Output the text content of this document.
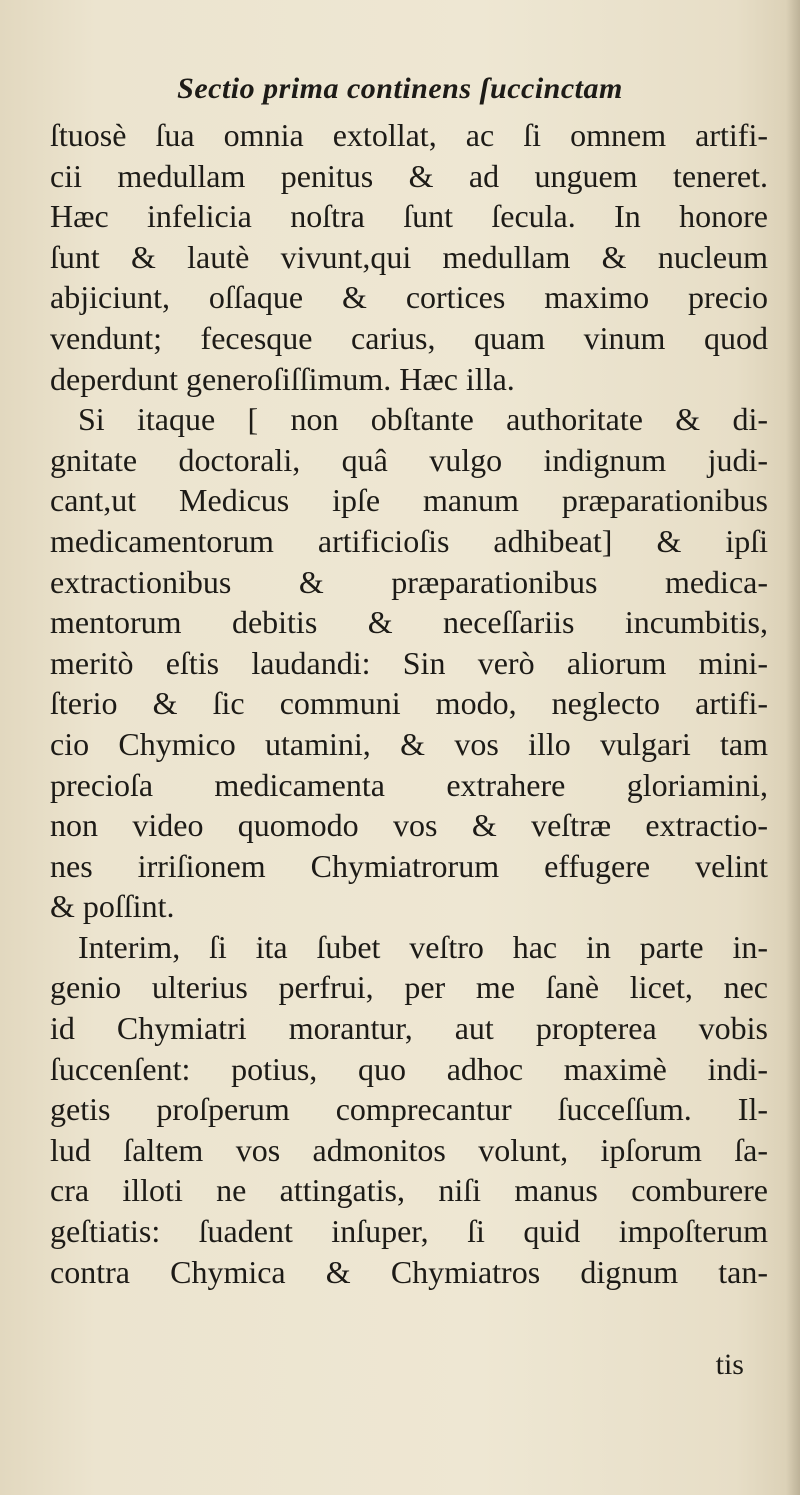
Sectio prima continens ſuccinctam
ſtuosè ſua omnia extollat, ac ſi omnem artifi-
cii medullam penitus & ad unguem teneret.
Hæc infelicia noſtra ſunt ſecula. In honore
ſunt & lautè vivunt,qui medullam & nucleum
abjiciunt, oſſaque & cortices maximo precio
vendunt; fecesque carius, quam vinum quod
deperdunt generoſiſſimum. Hæc illa.
Si itaque [ non obſtante authoritate & di-
gnitate doctorali, quâ vulgo indignum judi-
cant,ut Medicus ipſe manum præparationibus
medicamentorum artificioſis adhibeat] & ipſi
extractionibus & præparationibus medica-
mentorum debitis & neceſſariis incumbitis,
meritò eſtis laudandi: Sin verò aliorum mini-
ſterio & ſic communi modo, neglecto artifi-
cio Chymico utamini, & vos illo vulgari tam
precioſa medicamenta extrahere gloriamini,
non video quomodo vos & veſtræ extractio-
nes irriſionem Chymiatrorum effugere velint
& poſſint.
Interim, ſi ita ſubet veſtro hac in parte in-
genio ulterius perfrui, per me ſanè licet, nec
id Chymiatri morantur, aut propterea vobis
ſuccenſent: potius, quo adhoc maximè indi-
getis proſperum comprecantur ſucceſſum. Il-
lud ſaltem vos admonitos volunt, ipſorum ſa-
cra illoti ne attingatis, niſi manus comburere
geſtiatis: ſuadent inſuper, ſi quid impoſterum
contra Chymica & Chymiatros dignum tan-
tis
